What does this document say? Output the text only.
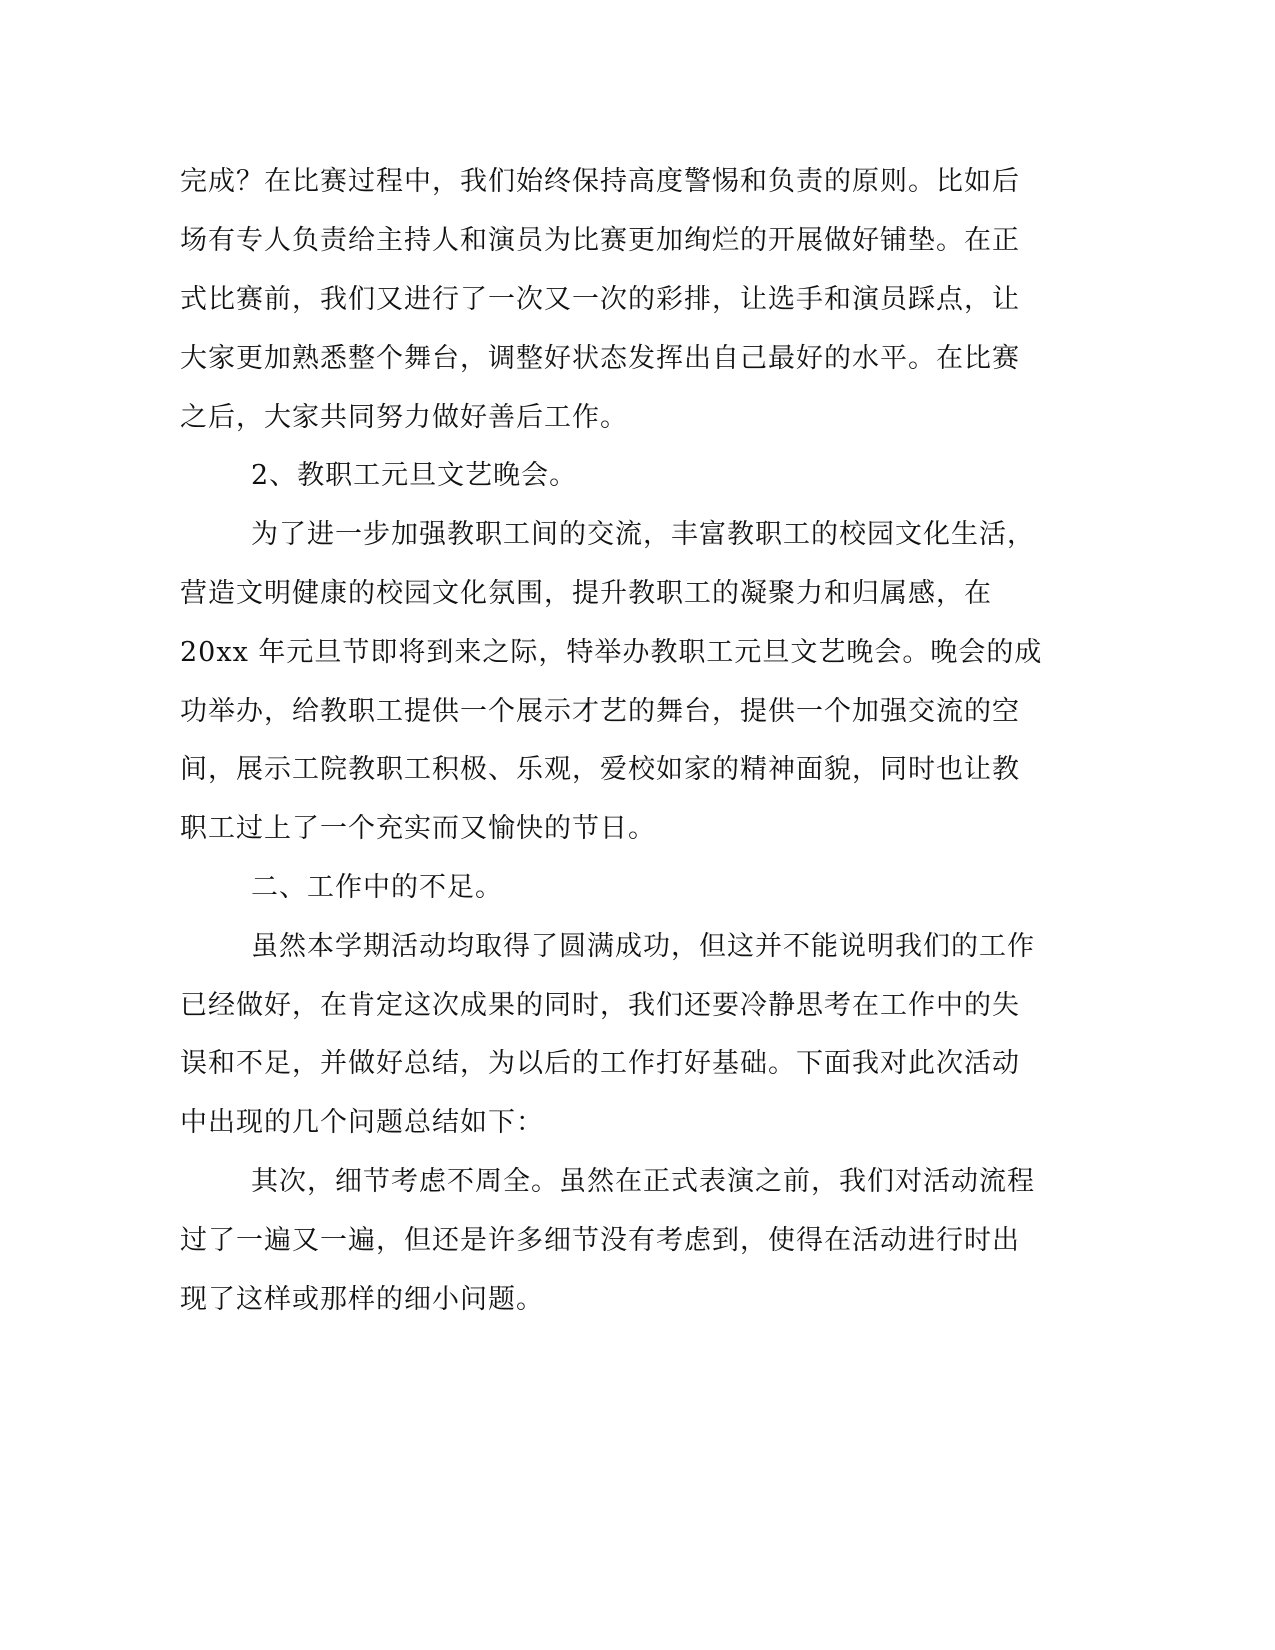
完成？在比赛过程中，我们始终保持高度警惕和负责的原则。比如后
场有专人负责给主持人和演员为比赛更加绚烂的开展做好铺垫。在正
式比赛前，我们又进行了一次又一次的彩排，让选手和演员踩点，让
大家更加熟悉整个舞台，调整好状态发挥出自己最好的水平。在比赛
之后，大家共同努力做好善后工作。
2、教职工元旦文艺晚会。
为了进一步加强教职工间的交流，丰富教职工的校园文化生活，
营造文明健康的校园文化氛围，提升教职工的凝聚力和归属感，在
20xx 年元旦节即将到来之际，特举办教职工元旦文艺晚会。晚会的成
功举办，给教职工提供一个展示才艺的舞台，提供一个加强交流的空
间，展示工院教职工积极、乐观，爱校如家的精神面貌，同时也让教
职工过上了一个充实而又愉快的节日。
二、工作中的不足。
虽然本学期活动均取得了圆满成功，但这并不能说明我们的工作
已经做好，在肯定这次成果的同时，我们还要冷静思考在工作中的失
误和不足，并做好总结，为以后的工作打好基础。下面我对此次活动
中出现的几个问题总结如下：
其次，细节考虑不周全。虽然在正式表演之前，我们对活动流程
过了一遍又一遍，但还是许多细节没有考虑到，使得在活动进行时出
现了这样或那样的细小问题。
